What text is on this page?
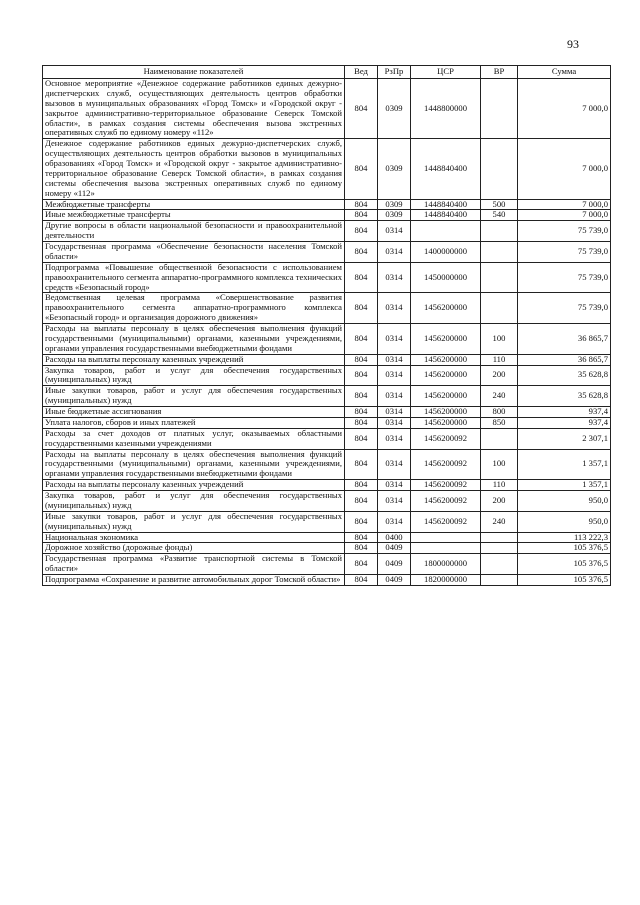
93
Наименование показателей	Вед	РзПр	ЦСР	ВР	Сумма
Основное мероприятие «Денежное содержание работников единых дежурно-диспетчерских служб, осуществляющих деятельность центров обработки вызовов в муниципальных образованиях «Город Томск» и «Городской округ - закрытое административно-территориальное образование Северск Томской области», в рамках создания системы обеспечения вызова экстренных оперативных служб по единому номеру «112»	804	0309	1448800000		7 000,0
Денежное содержание работников единых дежурно-диспетчерских служб, осуществляющих деятельность центров обработки вызовов в муниципальных образованиях «Город Томск» и «Городской округ - закрытое административно-территориальное образование Северск Томской области», в рамках создания системы обеспечения вызова экстренных оперативных служб по единому номеру «112»	804	0309	1448840400		7 000,0
Межбюджетные трансферты	804	0309	1448840400	500	7 000,0
Иные межбюджетные трансферты	804	0309	1448840400	540	7 000,0
Другие вопросы в области национальной безопасности и правоохранительной деятельности	804	0314			75 739,0
Государственная программа «Обеспечение безопасности населения Томской области»	804	0314	1400000000		75 739,0
Подпрограмма «Повышение общественной безопасности с использованием правоохранительного сегмента аппаратно-программного комплекса технических средств «Безопасный город»	804	0314	1450000000		75 739,0
Ведомственная целевая программа «Совершенствование развития правоохранительного сегмента аппаратно-программного комплекса «Безопасный город» и организация дорожного движения»	804	0314	1456200000		75 739,0
Расходы на выплаты персоналу в целях обеспечения выполнения функций государственными (муниципальными) органами, казенными учреждениями, органами управления государственными внебюджетными фондами	804	0314	1456200000	100	36 865,7
Расходы на выплаты персоналу казенных учреждений	804	0314	1456200000	110	36 865,7
Закупка товаров, работ и услуг для обеспечения государственных (муниципальных) нужд	804	0314	1456200000	200	35 628,8
Иные закупки товаров, работ и услуг для обеспечения государственных (муниципальных) нужд	804	0314	1456200000	240	35 628,8
Иные бюджетные ассигнования	804	0314	1456200000	800	937,4
Уплата налогов, сборов и иных платежей	804	0314	1456200000	850	937,4
Расходы за счет доходов от платных услуг, оказываемых областными государственными казенными учреждениями	804	0314	1456200092		2 307,1
Расходы на выплаты персоналу в целях обеспечения выполнения функций государственными (муниципальными) органами, казенными учреждениями, органами управления государственными внебюджетными фондами	804	0314	1456200092	100	1 357,1
Расходы на выплаты персоналу казенных учреждений	804	0314	1456200092	110	1 357,1
Закупка товаров, работ и услуг для обеспечения государственных (муниципальных) нужд	804	0314	1456200092	200	950,0
Иные закупки товаров, работ и услуг для обеспечения государственных (муниципальных) нужд	804	0314	1456200092	240	950,0
Национальная экономика	804	0400			113 222,3
Дорожное хозяйство (дорожные фонды)	804	0409			105 376,5
Государственная программа «Развитие транспортной системы в Томской области»	804	0409	1800000000		105 376,5
Подпрограмма «Сохранение и развитие автомобильных дорог Томской области»	804	0409	1820000000		105 376,5
